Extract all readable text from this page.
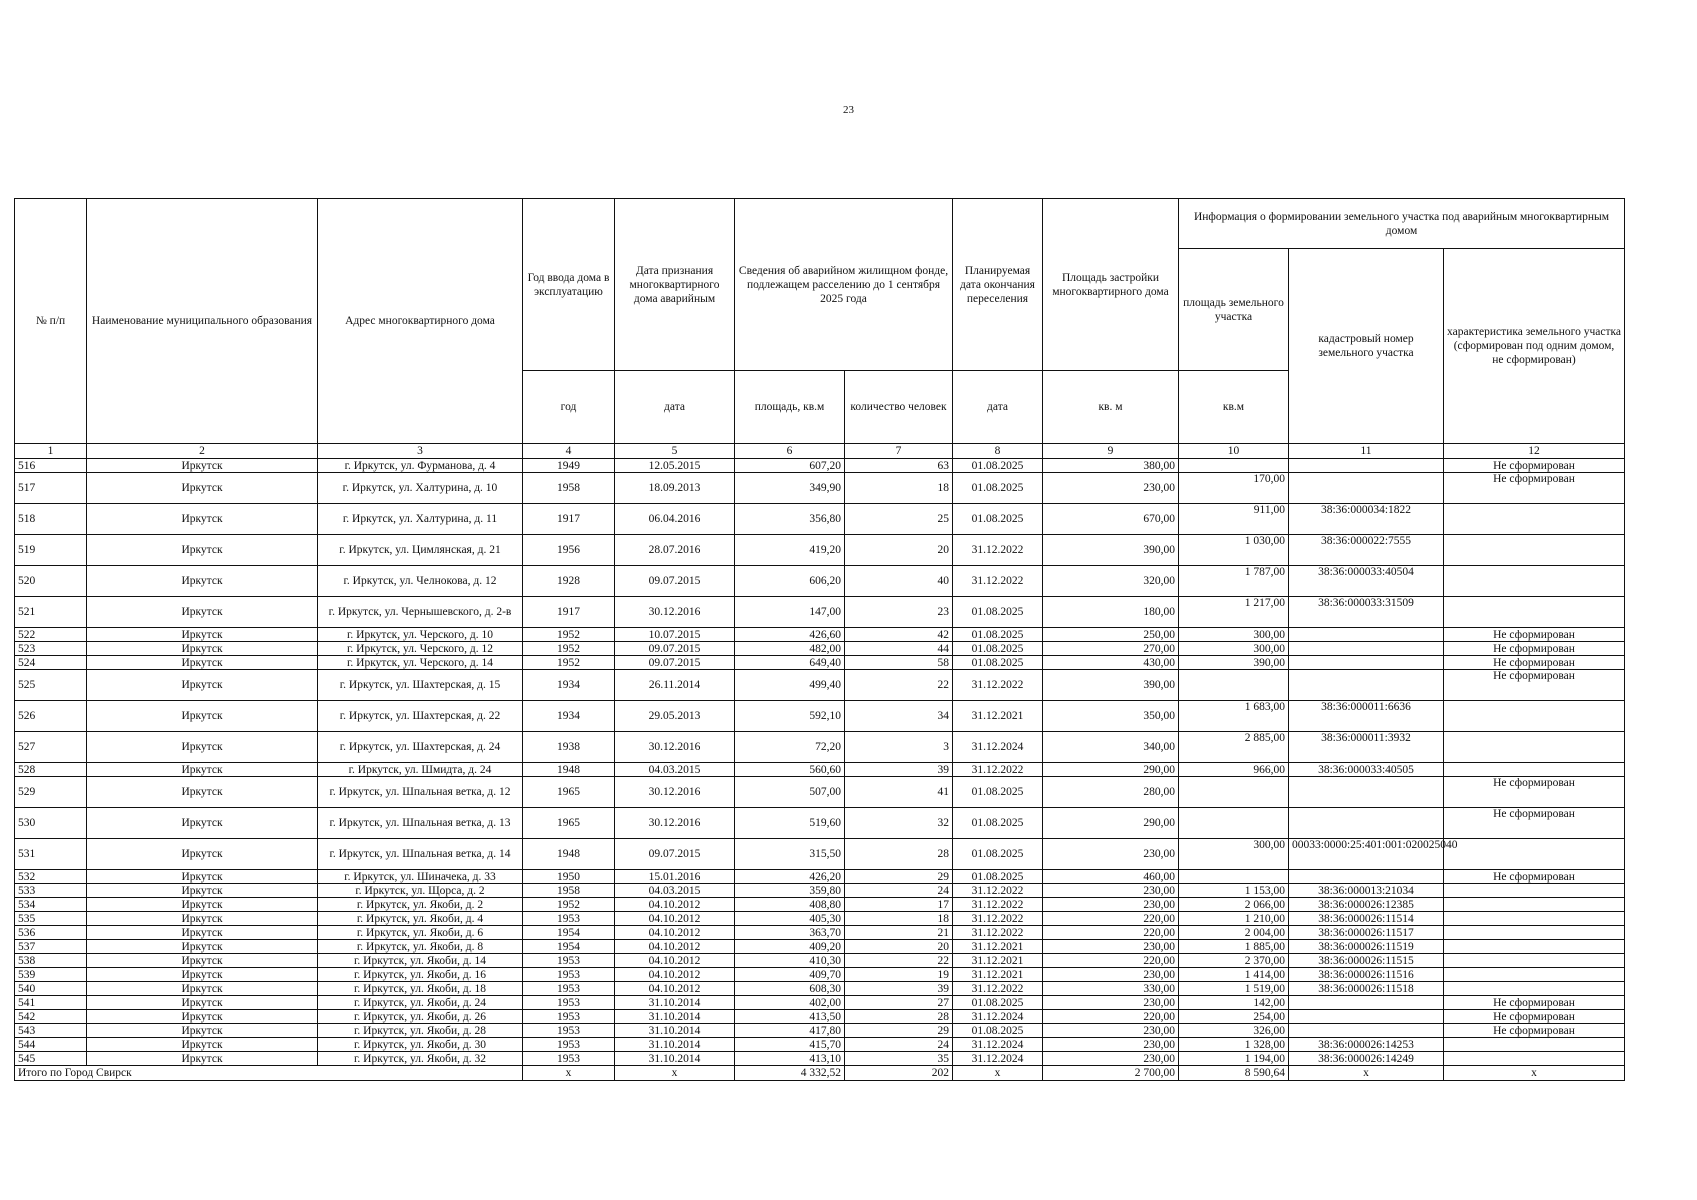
23
№ п/п	Наименование муниципального образования	Адрес многоквартирного дома	Год ввода дома в эксплуатацию	Дата признания многоквартирного дома аварийным	Сведения об аварийном жилищном фонде, подлежащем расселению до 1 сентября 2025 года		Планируемая дата окончания переселения	Площадь застройки многоквартирного дома	Информация о формировании земельного участка под аварийным многоквартирным домом		
									площадь земельного участка	кадастровый номер земельного участка	характеристика земельного участка (сформирован под одним домом, не сформирован)
			год	дата	площадь, кв.м	количество человек	дата	кв. м	кв.м		
1	2	3	4	5	6	7	8	9	10	11	12
516	Иркутск	г. Иркутск, ул. Фурманова, д. 4	1949	12.05.2015	607,20	63	01.08.2025	380,00			Не сформирован
517	Иркутск	г. Иркутск, ул. Халтурина, д. 10	1958	18.09.2013	349,90	18	01.08.2025	230,00	170,00		Не сформирован
518	Иркутск	г. Иркутск, ул. Халтурина, д. 11	1917	06.04.2016	356,80	25	01.08.2025	670,00	911,00	38:36:000034:1822	
519	Иркутск	г. Иркутск, ул. Цимлянская, д. 21	1956	28.07.2016	419,20	20	31.12.2022	390,00	1 030,00	38:36:000022:7555	
520	Иркутск	г. Иркутск, ул. Челнокова, д. 12	1928	09.07.2015	606,20	40	31.12.2022	320,00	1 787,00	38:36:000033:40504	
521	Иркутск	г. Иркутск, ул. Чернышевского, д. 2-в	1917	30.12.2016	147,00	23	01.08.2025	180,00	1 217,00	38:36:000033:31509	
522	Иркутск	г. Иркутск, ул. Черского, д. 10	1952	10.07.2015	426,60	42	01.08.2025	250,00	300,00		Не сформирован
523	Иркутск	г. Иркутск, ул. Черского, д. 12	1952	09.07.2015	482,00	44	01.08.2025	270,00	300,00		Не сформирован
524	Иркутск	г. Иркутск, ул. Черского, д. 14	1952	09.07.2015	649,40	58	01.08.2025	430,00	390,00		Не сформирован
525	Иркутск	г. Иркутск, ул. Шахтерская, д. 15	1934	26.11.2014	499,40	22	31.12.2022	390,00			Не сформирован
526	Иркутск	г. Иркутск, ул. Шахтерская, д. 22	1934	29.05.2013	592,10	34	31.12.2021	350,00	1 683,00	38:36:000011:6636	
527	Иркутск	г. Иркутск, ул. Шахтерская, д. 24	1938	30.12.2016	72,20	3	31.12.2024	340,00	2 885,00	38:36:000011:3932	
528	Иркутск	г. Иркутск, ул. Шмидта, д. 24	1948	04.03.2015	560,60	39	31.12.2022	290,00	966,00	38:36:000033:40505	
529	Иркутск	г. Иркутск, ул. Шпальная ветка, д. 12	1965	30.12.2016	507,00	41	01.08.2025	280,00			Не сформирован
530	Иркутск	г. Иркутск, ул. Шпальная ветка, д. 13	1965	30.12.2016	519,60	32	01.08.2025	290,00			Не сформирован
531	Иркутск	г. Иркутск, ул. Шпальная ветка, д. 14	1948	09.07.2015	315,50	28	01.08.2025	230,00	300,00	00033:0000:25:401:001:020025040	
532	Иркутск	г. Иркутск, ул. Шиначека, д. 33	1950	15.01.2016	426,20	29	01.08.2025	460,00			Не сформирован
533	Иркутск	г. Иркутск, ул. Щорса, д. 2	1958	04.03.2015	359,80	24	31.12.2022	230,00	1 153,00	38:36:000013:21034	
534	Иркутск	г. Иркутск, ул. Якоби, д. 2	1952	04.10.2012	408,80	17	31.12.2022	230,00	2 066,00	38:36:000026:12385	
535	Иркутск	г. Иркутск, ул. Якоби, д. 4	1953	04.10.2012	405,30	18	31.12.2022	220,00	1 210,00	38:36:000026:11514	
536	Иркутск	г. Иркутск, ул. Якоби, д. 6	1954	04.10.2012	363,70	21	31.12.2022	220,00	2 004,00	38:36:000026:11517	
537	Иркутск	г. Иркутск, ул. Якоби, д. 8	1954	04.10.2012	409,20	20	31.12.2021	230,00	1 885,00	38:36:000026:11519	
538	Иркутск	г. Иркутск, ул. Якоби, д. 14	1953	04.10.2012	410,30	22	31.12.2021	220,00	2 370,00	38:36:000026:11515	
539	Иркутск	г. Иркутск, ул. Якоби, д. 16	1953	04.10.2012	409,70	19	31.12.2021	230,00	1 414,00	38:36:000026:11516	
540	Иркутск	г. Иркутск, ул. Якоби, д. 18	1953	04.10.2012	608,30	39	31.12.2022	330,00	1 519,00	38:36:000026:11518	
541	Иркутск	г. Иркутск, ул. Якоби, д. 24	1953	31.10.2014	402,00	27	01.08.2025	230,00	142,00		Не сформирован
542	Иркутск	г. Иркутск, ул. Якоби, д. 26	1953	31.10.2014	413,50	28	31.12.2024	220,00	254,00		Не сформирован
543	Иркутск	г. Иркутск, ул. Якоби, д. 28	1953	31.10.2014	417,80	29	01.08.2025	230,00	326,00		Не сформирован
544	Иркутск	г. Иркутск, ул. Якоби, д. 30	1953	31.10.2014	415,70	24	31.12.2024	230,00	1 328,00	38:36:000026:14253	
545	Иркутск	г. Иркутск, ул. Якоби, д. 32	1953	31.10.2014	413,10	35	31.12.2024	230,00	1 194,00	38:36:000026:14249	
Итого по Город Свирск			x	x	4 332,52	202	x	2 700,00	8 590,64	x	x
